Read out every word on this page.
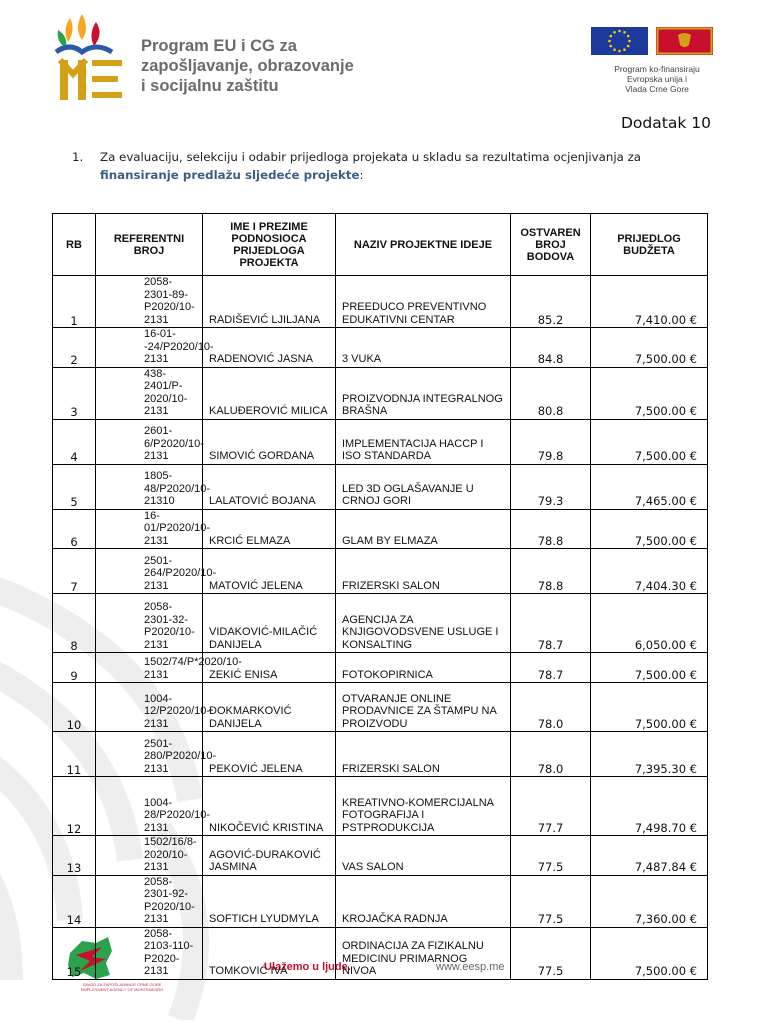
Program EU i CG za
zapošljavanje, obrazovanje
i socijalnu zaštitu
Program ko-finansiraju
Evropska unija i
Vlada Crne Gore
Dodatak 10
1. Za evaluaciju, selekciju i odabir prijedloga projekata u skladu sa rezultatima ocjenjivanja za finansiranje predlažu sljedeće projekte:
RB	REFERENTNI BROJ	IME I PREZIME PODNOSIOCA PRIJEDLOGA PROJEKTA	NAZIV PROJEKTNE IDEJE	OSTVAREN BROJ BODOVA	PRIJEDLOG BUDŽETA
1	2058-2301-89-P2020/10-2131	RADIŠEVIĆ LJILJANA	PREEDUCO PREVENTIVNO EDUKATIVNI CENTAR	85.2	7,410.00 €
2	16-01--24/P2020/10-2131	RADENOVIĆ JASNA	3 VUKA	84.8	7,500.00 €
3	438-2401/P-2020/10-2131	KALUĐEROVIĆ MILICA	PROIZVODNJA INTEGRALNOG BRAŠNA	80.8	7,500.00 €
4	2601-6/P2020/10-2131	SIMOVIĆ GORDANA	IMPLEMENTACIJA HACCP I ISO STANDARDA	79.8	7,500.00 €
5	1805-48/P2020/10-21310	LALATOVIĆ BOJANA	LED 3D OGLAŠAVANJE U CRNOJ GORI	79.3	7,465.00 €
6	16-01/P2020/10-2131	KRCIĆ ELMAZA	GLAM BY ELMAZA	78.8	7,500.00 €
7	2501-264/P2020/10-2131	MATOVIĆ JELENA	FRIZERSKI SALON	78.8	7,404.30 €
8	2058-2301-32-P2020/10-2131	VIDAKOVIĆ-MILAČIĆ DANIJELA	AGENCIJA ZA KNJIGOVODSVENE USLUGE I KONSALTING	78.7	6,050.00 €
9	1502/74/P*2020/10-2131	ZEKIĆ ENISA	FOTOKOPIRNICA	78.7	7,500.00 €
10	1004-12/P2020/10-2131	ĐOKMARKOVIĆ DANIJELA	OTVARANJE ONLINE PRODAVNICE ZA ŠTAMPU NA PROIZVODU	78.0	7,500.00 €
11	2501-280/P2020/10-2131	PEKOVIĆ JELENA	FRIZERSKI SALON	78.0	7,395.30 €
12	1004-28/P2020/10-2131	NIKOČEVIĆ KRISTINA	KREATIVNO-KOMERCIJALNA FOTOGRAFIJA I PSTPRODUKCIJA	77.7	7,498.70 €
13	1502/16/8-2020/10-2131	AGOVIĆ-DURAKOVIĆ JASMINA	VAS SALON	77.5	7,487.84 €
14	2058-2301-92-P2020/10-2131	SOFTICH LYUDMYLA	KROJAČKA RADNJA	77.5	7,360.00 €
15	2058-2103-110-P2020-2131	TOMKOVIĆ IVA	ORDINACIJA ZA FIZIKALNU MEDICINU PRIMARNOG NIVOA	77.5	7,500.00 €
ZAVOD ZA ZAPOŠLJAVANJE CRNE GORE
EMPLOYMENT AGENCY OF MONTENEGRO
Ulažemo u ljude.	www.eesp.me
